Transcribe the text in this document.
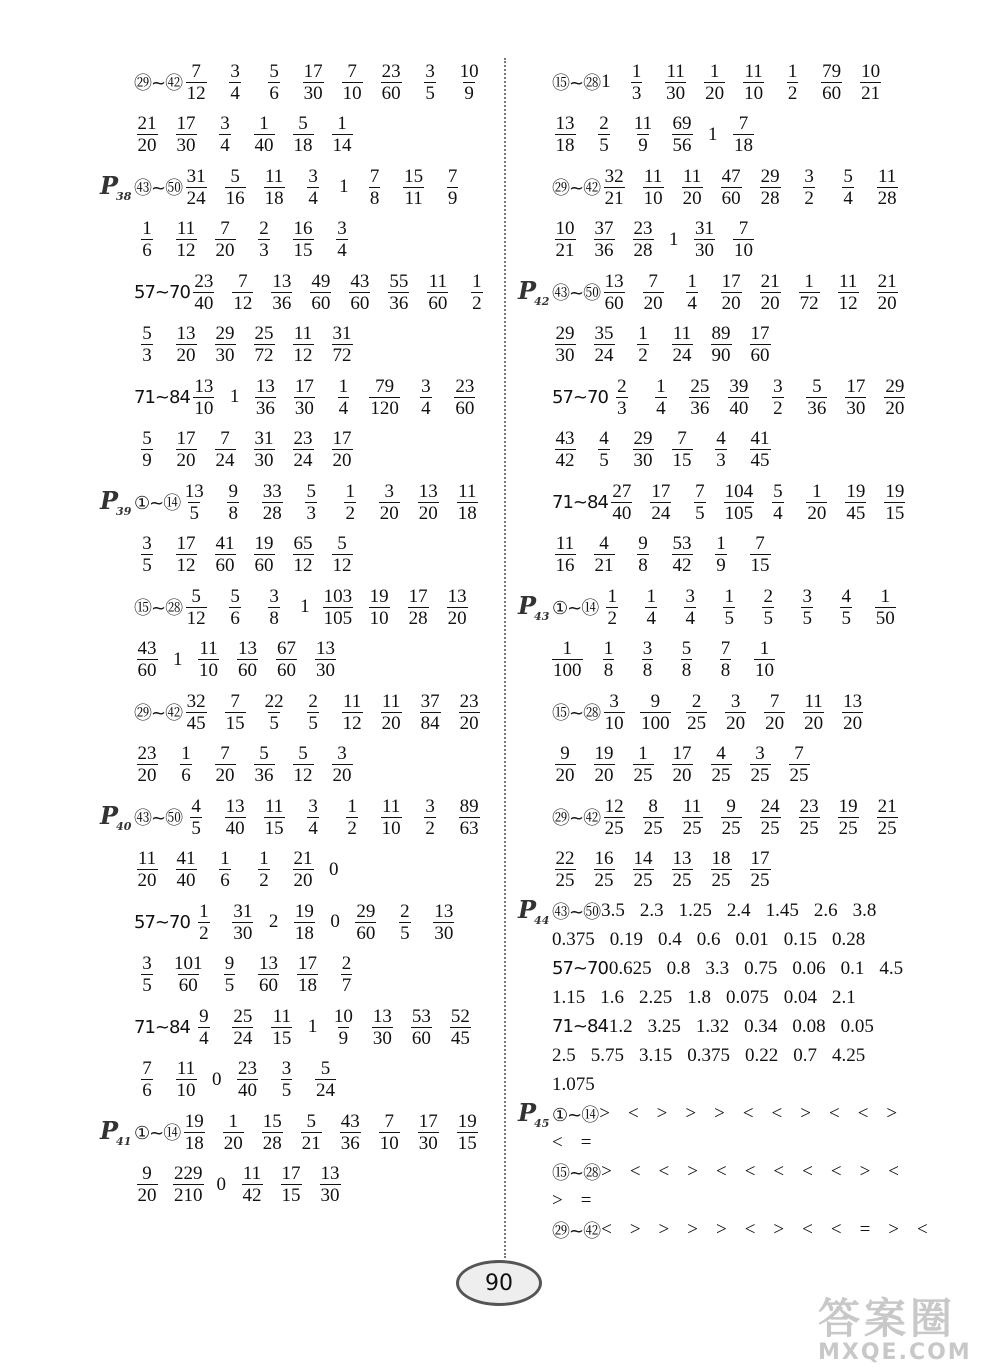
㉙~㊷ $\frac{7}{12} \frac{3}{4} \frac{5}{6} \frac{17}{30} \frac{7}{10} \frac{23}{60} \frac{3}{5} \frac{10}{9}$
$\frac{21}{20} \frac{17}{30} \frac{3}{4} \frac{1}{40} \frac{5}{18} \frac{1}{14}$
$P_{38}$ ㊸~㊿ $\frac{31}{24} \frac{5}{16} \frac{11}{18} \frac{3}{4} 1 \frac{7}{8} \frac{15}{11} \frac{7}{9}$
$\frac{1}{6} \frac{11}{12} \frac{7}{20} \frac{2}{3} \frac{16}{15} \frac{3}{4}$
57~70 $\frac{23}{40} \frac{7}{12} \frac{13}{36} \frac{49}{60} \frac{43}{60} \frac{55}{36} \frac{11}{60} \frac{1}{2}$
$\frac{5}{3} \frac{13}{20} \frac{29}{30} \frac{25}{72} \frac{11}{12} \frac{31}{72}$
71~84 $\frac{13}{10} 1 \frac{13}{36} \frac{17}{30} \frac{1}{4} \frac{79}{120} \frac{3}{4} \frac{23}{60}$
$\frac{5}{9} \frac{17}{20} \frac{7}{24} \frac{31}{30} \frac{23}{24} \frac{17}{20}$
$P_{39}$ ①~⑭ $\frac{13}{5} \frac{9}{8} \frac{33}{28} \frac{5}{3} \frac{1}{2} \frac{3}{20} \frac{13}{20} \frac{11}{18}$
$\frac{3}{5} \frac{17}{12} \frac{41}{60} \frac{19}{60} \frac{65}{12} \frac{5}{12}$
⑮~㉘ $\frac{5}{12} \frac{5}{6} \frac{3}{8} 1 \frac{103}{105} \frac{19}{10} \frac{17}{28} \frac{13}{20}$
$\frac{43}{60} 1 \frac{11}{10} \frac{13}{60} \frac{67}{60} \frac{13}{30}$
㉙~㊷ $\frac{32}{45} \frac{7}{15} \frac{22}{5} \frac{2}{5} \frac{11}{12} \frac{11}{20} \frac{37}{84} \frac{23}{20}$
$\frac{23}{20} \frac{1}{6} \frac{7}{20} \frac{5}{36} \frac{5}{12} \frac{3}{20}$
$P_{40}$ ㊸~㊿ $\frac{4}{5} \frac{13}{40} \frac{11}{15} \frac{3}{4} \frac{1}{2} \frac{11}{10} \frac{3}{2} \frac{89}{63}$
$\frac{11}{20} \frac{41}{40} \frac{1}{6} \frac{1}{2} \frac{21}{20} 0$
57~70 $\frac{1}{2} \frac{31}{30} 2 \frac{19}{18} 0 \frac{29}{60} \frac{2}{5} \frac{13}{30}$
$\frac{3}{5} \frac{101}{60} \frac{9}{5} \frac{13}{60} \frac{17}{18} \frac{2}{7}$
71~84 $\frac{9}{4} \frac{25}{24} \frac{11}{15} 1 \frac{10}{9} \frac{13}{30} \frac{53}{60} \frac{52}{45}$
$\frac{7}{6} \frac{11}{10} 0 \frac{23}{40} \frac{3}{5} \frac{5}{24}$
$P_{41}$ ①~⑭ $\frac{19}{18} \frac{1}{20} \frac{15}{28} \frac{5}{21} \frac{43}{36} \frac{7}{10} \frac{17}{30} \frac{19}{15}$
$\frac{9}{20} \frac{229}{210} 0 \frac{11}{42} \frac{17}{15} \frac{13}{30}$
⑮~㉘ $1 \frac{1}{3} \frac{11}{30} \frac{1}{20} \frac{11}{10} \frac{1}{2} \frac{79}{60} \frac{10}{21}$
$\frac{13}{18} \frac{2}{5} \frac{11}{9} \frac{69}{56} 1 \frac{7}{18}$
㉙~㊷ $\frac{32}{21} \frac{11}{10} \frac{11}{20} \frac{47}{60} \frac{29}{28} \frac{3}{2} \frac{5}{4} \frac{11}{28}$
$\frac{10}{21} \frac{37}{36} \frac{23}{28} 1 \frac{31}{30} \frac{7}{10}$
$P_{42}$ ㊸~㊿ $\frac{13}{60} \frac{7}{20} \frac{1}{4} \frac{17}{20} \frac{21}{20} \frac{1}{72} \frac{11}{12} \frac{21}{20}$
$\frac{29}{30} \frac{35}{24} \frac{1}{2} \frac{11}{24} \frac{89}{90} \frac{17}{60}$
57~70 $\frac{2}{3} \frac{1}{4} \frac{25}{36} \frac{39}{40} \frac{3}{2} \frac{5}{36} \frac{17}{30} \frac{29}{20}$
$\frac{43}{42} \frac{4}{5} \frac{29}{30} \frac{7}{15} \frac{4}{3} \frac{41}{45}$
71~84 $\frac{27}{40} \frac{17}{24} \frac{7}{5} \frac{104}{105} \frac{5}{4} \frac{1}{20} \frac{19}{45} \frac{19}{15}$
$\frac{11}{16} \frac{4}{21} \frac{9}{8} \frac{53}{42} \frac{1}{9} \frac{7}{15}$
$P_{43}$ ①~⑭ $\frac{1}{2} \frac{1}{4} \frac{3}{4} \frac{1}{5} \frac{2}{5} \frac{3}{5} \frac{4}{5} \frac{1}{50}$
$\frac{1}{100} \frac{1}{8} \frac{3}{8} \frac{5}{8} \frac{7}{8} \frac{1}{10}$
⑮~㉘ $\frac{3}{10} \frac{9}{100} \frac{2}{25} \frac{3}{20} \frac{7}{20} \frac{11}{20} \frac{13}{20}$
$\frac{9}{20} \frac{19}{20} \frac{1}{25} \frac{17}{20} \frac{4}{25} \frac{3}{25} \frac{7}{25}$
㉙~㊷ $\frac{12}{25} \frac{8}{25} \frac{11}{25} \frac{9}{25} \frac{24}{25} \frac{23}{25} \frac{19}{25} \frac{21}{25}$
$\frac{22}{25} \frac{16}{25} \frac{14}{25} \frac{13}{25} \frac{18}{25} \frac{17}{25}$
$P_{44}$ ㊸~㊿ 3.5 2.3 1.25 2.4 1.45 2.6 3.8
0.375 0.19 0.4 0.6 0.01 0.15 0.28
57~70 0.625 0.8 3.3 0.75 0.06 0.1 4.5
1.15 1.6 2.25 1.8 0.075 0.04 2.1
71~84 1.2 3.25 1.32 0.34 0.08 0.05
2.5 5.75 3.15 0.375 0.22 0.7 4.25
1.075
$P_{45}$ ①~⑭ > < > > > < < > < < >
< =
⑮~㉘ > < < > < < < < < > <
> =
㉙~㊷ < > > > > < > < < = > <
90
答案圈
MXQE.COM
